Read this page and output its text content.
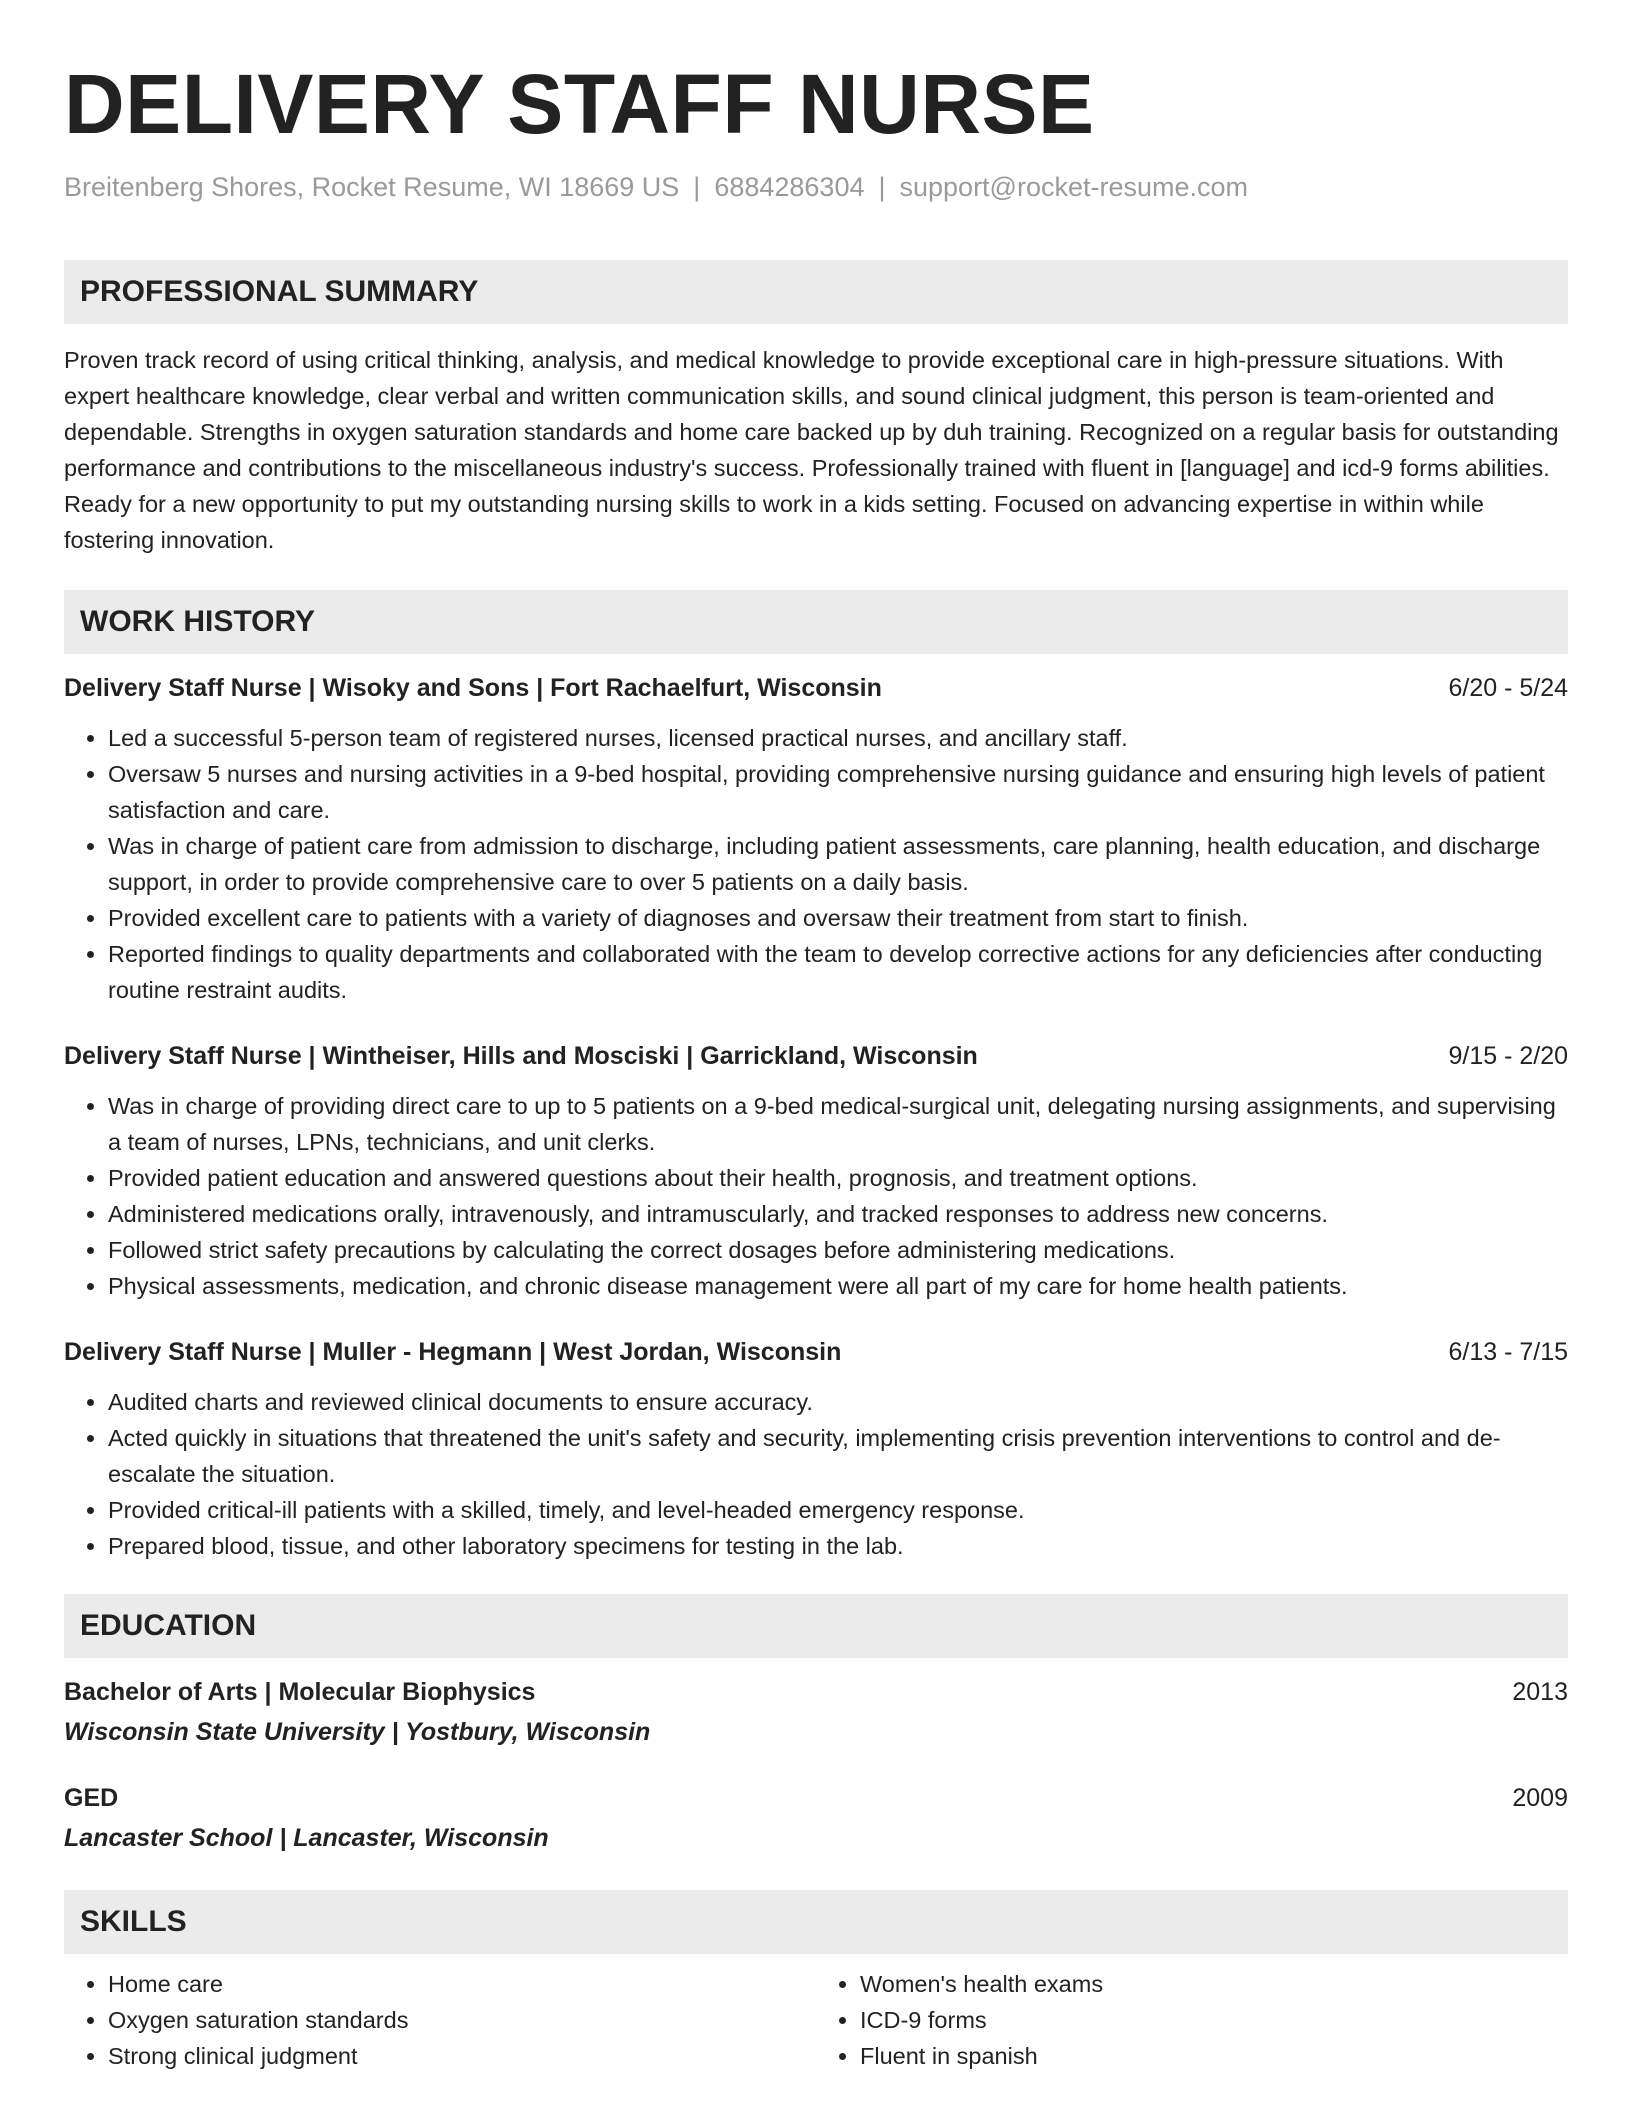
DELIVERY STAFF NURSE
Breitenberg Shores, Rocket Resume, WI 18669 US | 6884286304 | support@rocket-resume.com
PROFESSIONAL SUMMARY

Proven track record of using critical thinking, analysis, and medical knowledge to provide exceptional care in high-pressure situations. With expert healthcare knowledge, clear verbal and written communication skills, and sound clinical judgment, this person is team-oriented and dependable. Strengths in oxygen saturation standards and home care backed up by duh training. Recognized on a regular basis for outstanding performance and contributions to the miscellaneous industry's success. Professionally trained with fluent in [language] and icd-9 forms abilities. Ready for a new opportunity to put my outstanding nursing skills to work in a kids setting. Focused on advancing expertise in within while fostering innovation.

WORK HISTORY
Delivery Staff Nurse | Wisoky and Sons | Fort Rachaelfurt, Wisconsin	6/20 - 5/24
• Led a successful 5-person team of registered nurses, licensed practical nurses, and ancillary staff.
• Oversaw 5 nurses and nursing activities in a 9-bed hospital, providing comprehensive nursing guidance and ensuring high levels of patient satisfaction and care.
• Was in charge of patient care from admission to discharge, including patient assessments, care planning, health education, and discharge support, in order to provide comprehensive care to over 5 patients on a daily basis.
• Provided excellent care to patients with a variety of diagnoses and oversaw their treatment from start to finish.
• Reported findings to quality departments and collaborated with the team to develop corrective actions for any deficiencies after conducting routine restraint audits.
Delivery Staff Nurse | Wintheiser, Hills and Mosciski | Garrickland, Wisconsin	9/15 - 2/20
• Was in charge of providing direct care to up to 5 patients on a 9-bed medical-surgical unit, delegating nursing assignments, and supervising a team of nurses, LPNs, technicians, and unit clerks.
• Provided patient education and answered questions about their health, prognosis, and treatment options.
• Administered medications orally, intravenously, and intramuscularly, and tracked responses to address new concerns.
• Followed strict safety precautions by calculating the correct dosages before administering medications.
• Physical assessments, medication, and chronic disease management were all part of my care for home health patients.
Delivery Staff Nurse | Muller - Hegmann | West Jordan, Wisconsin	6/13 - 7/15
• Audited charts and reviewed clinical documents to ensure accuracy.
• Acted quickly in situations that threatened the unit's safety and security, implementing crisis prevention interventions to control and de-escalate the situation.
• Provided critical-ill patients with a skilled, timely, and level-headed emergency response.
• Prepared blood, tissue, and other laboratory specimens for testing in the lab.
EDUCATION
Bachelor of Arts | Molecular Biophysics	2013
Wisconsin State University | Yostbury, Wisconsin
GED	2009
Lancaster School | Lancaster, Wisconsin
SKILLS
• Home care
• Oxygen saturation standards
• Strong clinical judgment
• Women's health exams
• ICD-9 forms
• Fluent in spanish
